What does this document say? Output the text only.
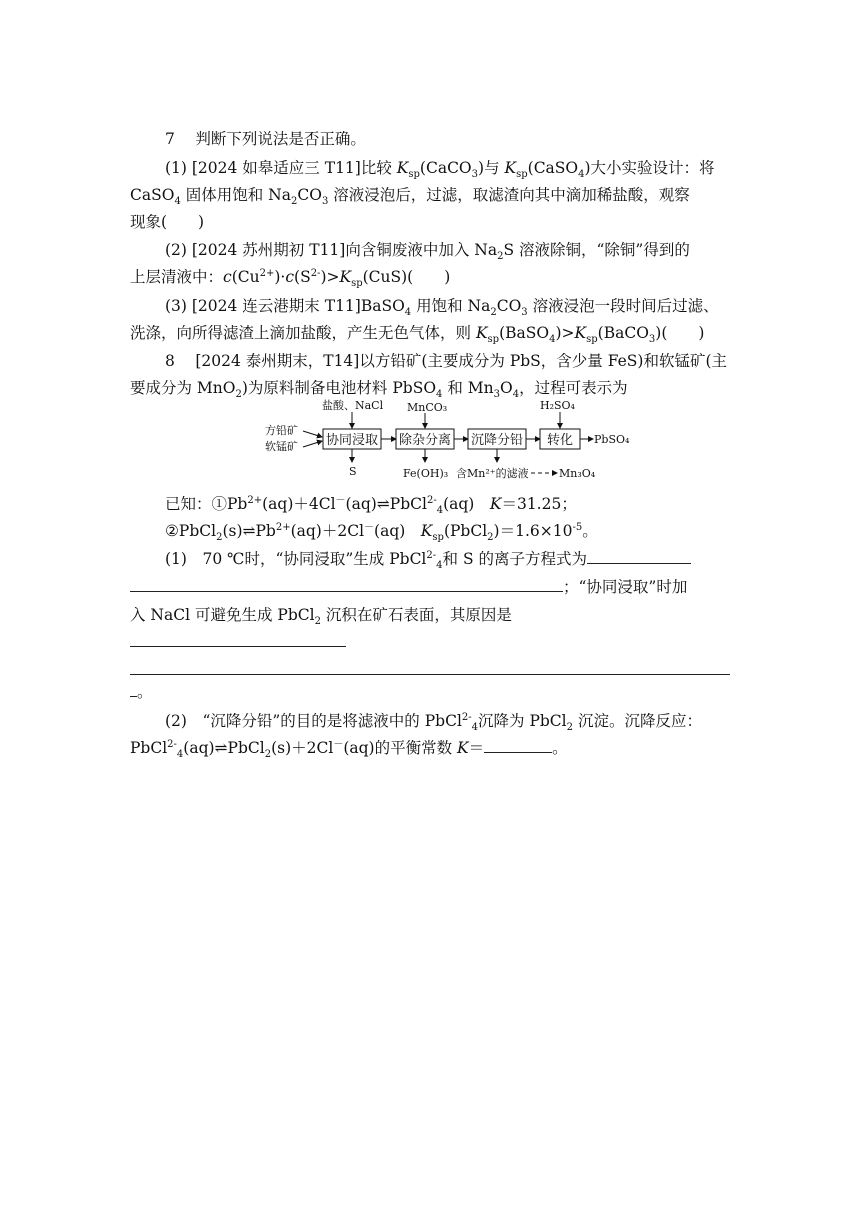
7　 判断下列说法是否正确。
(1) [2024 如皋适应三 T11]比较 $K_{sp}(CaCO_3)$与 $K_{sp}(CaSO_4)$大小实验设计：将
CaSO$_4$ 固体用饱和 $Na_2CO_3$ 溶液浸泡后，过滤，取滤渣向其中滴加稀盐酸，观察
现象(　　)
(2) [2024 苏州期初 T11]向含铜废液中加入 $Na_2S$ 溶液除铜，“除铜”得到的
上层清液中：$c(Cu^{2+})\cdot c(S^{2-})>K_{sp}(CuS)$(　　)
(3) [2024 连云港期末 T11]BaSO$_4$ 用饱和 $Na_2CO_3$ 溶液浸泡一段时间后过滤、
洗涤，向所得滤渣上滴加盐酸，产生无色气体，则 $K_{sp}(BaSO_4)>K_{sp}(BaCO_3)$(　　)
8　 [2024 泰州期末，T14]以方铅矿(主要成分为 PbS，含少量 FeS)和软锰矿(主
要成分为 MnO$_2$)为原料制备电池材料 PbSO$_4$ 和 $Mn_3O_4$，过程可表示为
方铅矿
软锰矿 协同浸取 除杂分离 沉降分铅 转化 PbSO₄
盐酸、NaCl MnCO₃	H₂SO₄
S	Fe(OH)₃ 含Mn²⁺的滤液	Mn₃O₄
已知：$①Pb^{2+}(aq)+4Cl^-(aq)\rightleftharpoons PbCl^{2-}_4(aq)$　K＝31.25；
$②PbCl_2(s)\rightleftharpoons Pb^{2+}(aq)+2Cl^-(aq)$　$K_{sp}(PbCl_2)=1.6\times 10^{-5}$。
(1)　70 ℃时，“协同浸取”生成 PbCl$^{2-}_4$和 S 的离子方程式为
；“协同浸取”时加
入 NaCl 可避免生成 PbCl$_2$ 沉积在矿石表面，其原因是
。
(2)　“沉降分铅”的目的是将滤液中的 PbCl$^{2-}_4$沉降为 PbCl$_2$ 沉淀。沉降反应：
PbCl$^{2-}_4$(aq)⇌PbCl$_2$(s)＋2Cl－(aq)的平衡常数 K＝	。
